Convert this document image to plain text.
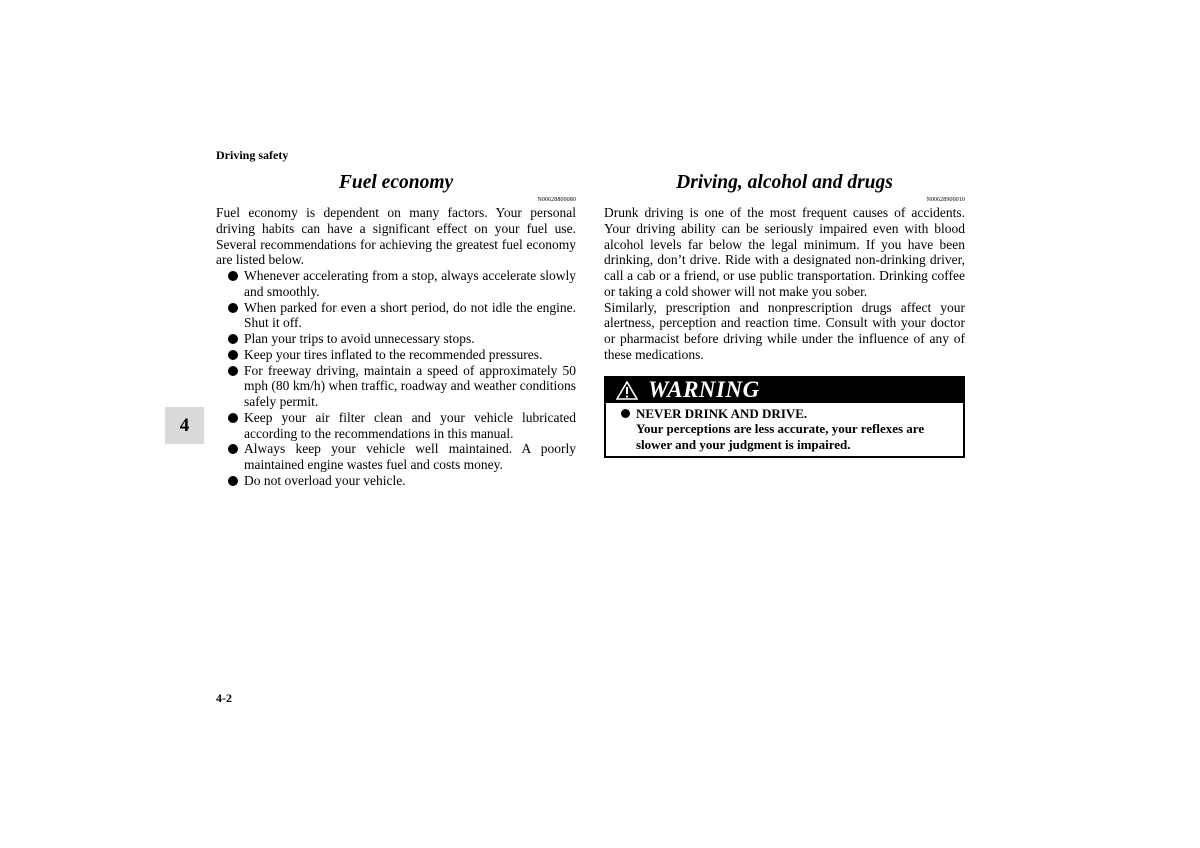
Driving safety
4
Fuel economy
N00628800080
Fuel economy is dependent on many factors. Your personal driving habits can have a significant effect on your fuel use. Several recommendations for achieving the greatest fuel economy are listed below.
Whenever accelerating from a stop, always accelerate slowly and smoothly.
When parked for even a short period, do not idle the engine. Shut it off.
Plan your trips to avoid unnecessary stops.
Keep your tires inflated to the recommended pressures.
For freeway driving, maintain a speed of approximately 50 mph (80 km/h) when traffic, roadway and weather conditions safely permit.
Keep your air filter clean and your vehicle lubricated according to the recommendations in this manual.
Always keep your vehicle well maintained. A poorly maintained engine wastes fuel and costs money.
Do not overload your vehicle.
Driving, alcohol and drugs
N00628900010
Drunk driving is one of the most frequent causes of accidents. Your driving ability can be seriously impaired even with blood alcohol levels far below the legal minimum. If you have been drinking, don’t drive. Ride with a designated non-drinking driver, call a cab or a friend, or use public transportation. Drinking coffee or taking a cold shower will not make you sober.
Similarly, prescription and nonprescription drugs affect your alertness, perception and reaction time. Consult with your doctor or pharmacist before driving while under the influence of any of these medications.
WARNING
NEVER DRINK AND DRIVE.
Your perceptions are less accurate, your reflexes are slower and your judgment is impaired.
4-2
